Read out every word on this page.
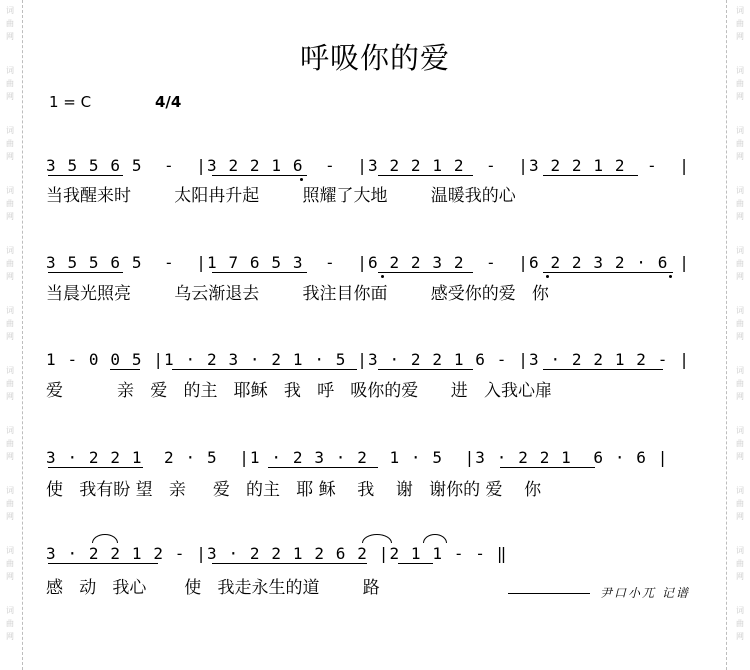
词
曲
网
词
曲
网
词
曲
网
词
曲
网
词
曲
网
词
曲
网
词
曲
网
词
曲
网
词
曲
网
词
曲
网
词
曲
网
词
曲
网
词
曲
网
词
曲
网
词
曲
网
词
曲
网
词
曲
网
词
曲
网
词
曲
网
词
曲
网
词
曲
网
词
曲
网
呼吸你的爱
1 = C	4/4
3 5 5 6 5  -  |3 2 2 1 6  -  |3 2 2 1 2  -  |3 2 2 1 2  -  |
当我醒来时        太阳冉升起        照耀了大地        温暖我的心
3 5 5 6 5  -  |1 7 6 5 3  -  |6 2 2 3 2  -  |6 2 2 3 2 · 6 |
当晨光照亮        乌云渐退去        我注目你面        感受你的爱   你
1 - 0 0 5 |1 · 2 3 · 2 1 · 5 |3 · 2 2 1 6 - |3 · 2 2 1 2 - |
爱          亲   爱   的主   耶稣   我   呼   吸你的爱      进   入我心扉
3 · 2 2 1  2 · 5  |1 · 2 3 · 2  1 · 5  |3 · 2 2 1  6 · 6 |
使   我有盼 望   亲     爱   的主   耶 稣    我    谢   谢你的 爱    你
3 · 2 2 1 2 - |3 · 2 2 1 2 6 2 |2 1 1 - - ‖
感   动   我心       使   我走永生的道        路	尹口小兀 记谱
